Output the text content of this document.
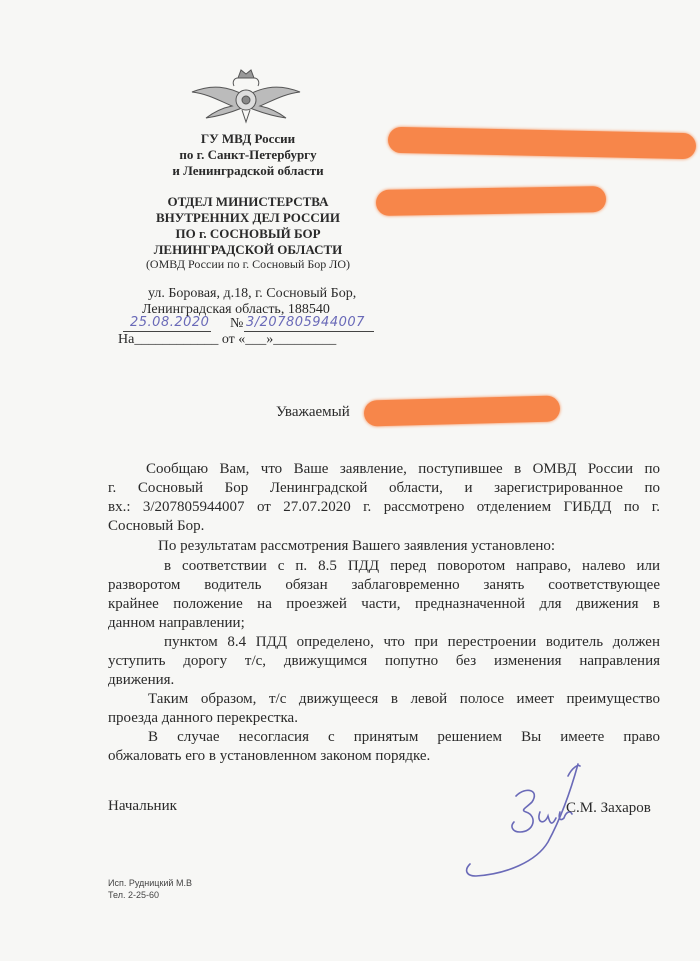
ГУ МВД России
по г. Санкт-Петербургу
и Ленинградской области
ОТДЕЛ МИНИСТЕРСТВА
ВНУТРЕННИХ ДЕЛ РОССИИ
ПО г. СОСНОВЫЙ БОР
ЛЕНИНГРАДСКОЙ ОБЛАСТИ
(ОМВД России по г. Сосновый Бор ЛО)
ул. Боровая, д.18, г. Сосновый Бор,
Ленинградская область, 188540
25.08.2020 № 3/207805944007
На____________ от «___»_________
Уважаемый
Сообщаю Вам, что Ваше заявление, поступившее в ОМВД России по
г. Сосновый Бор Ленинградской области, и зарегистрированное по
вх.: 3/207805944007 от 27.07.2020 г. рассмотрено отделением ГИБДД по г.
Сосновый Бор.
По результатам рассмотрения Вашего заявления установлено:
в соответствии с п. 8.5 ПДД перед поворотом направо, налево или
разворотом водитель обязан заблаговременно занять соответствующее
крайнее положение на проезжей части, предназначенной для движения в
данном направлении;
пунктом 8.4 ПДД определено, что при перестроении водитель должен
уступить дорогу т/с, движущимся попутно без изменения направления
движения.
Таким образом, т/с движущееся в левой полосе имеет преимущество
проезда данного перекрестка.
В случае несогласия с принятым решением Вы имеете право
обжаловать его в установленном законом порядке.
Начальник	С.М. Захаров
Исп. Рудницкий М.В
Тел. 2-25-60
